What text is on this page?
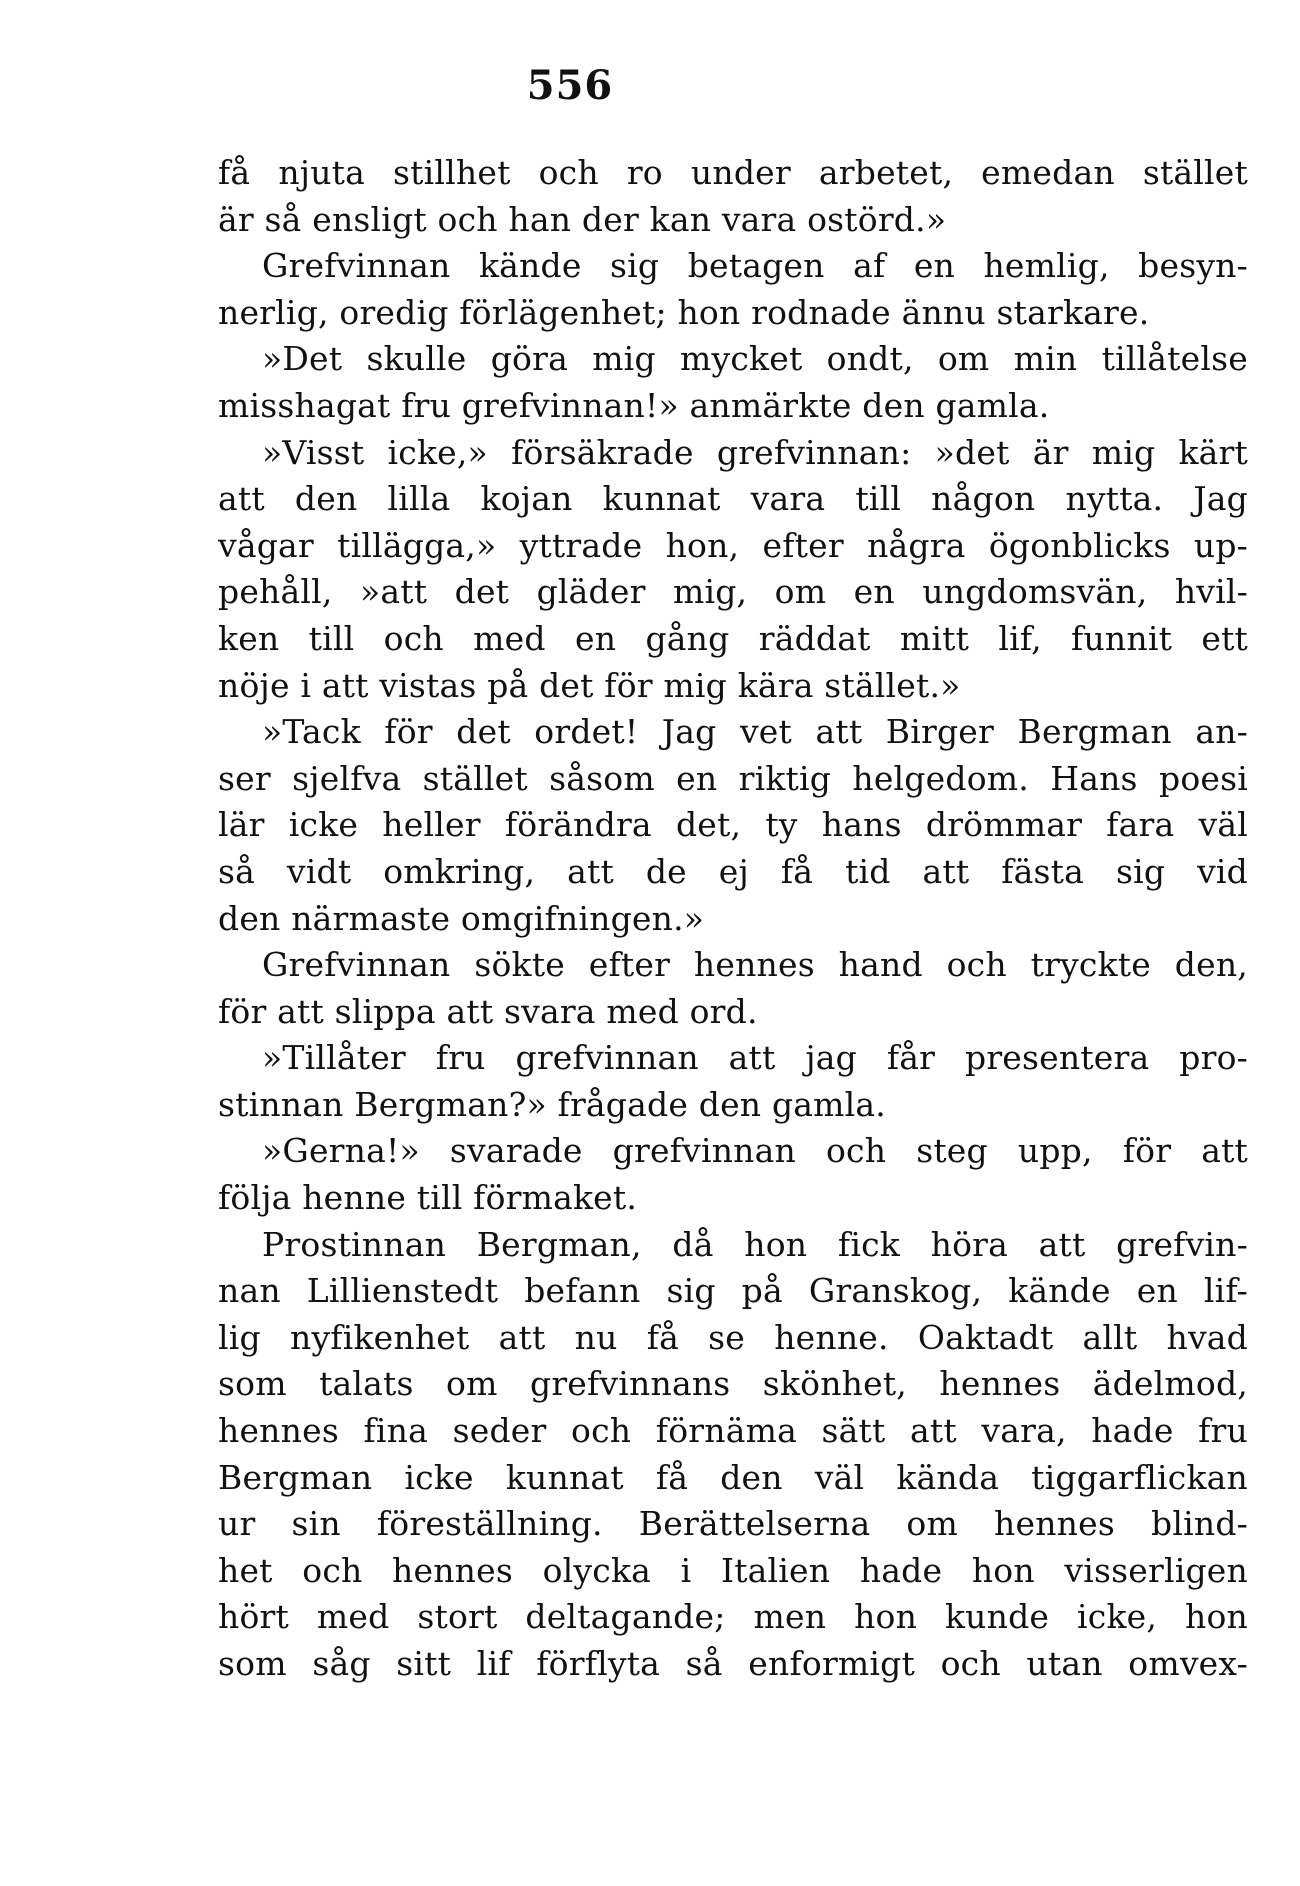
556
få njuta stillhet och ro under arbetet, emedan stället
är så ensligt och han der kan vara ostörd.»
Grefvinnan kände sig betagen af en hemlig, besyn-
nerlig, oredig förlägenhet; hon rodnade ännu starkare.
»Det skulle göra mig mycket ondt, om min tillåtelse
misshagat fru grefvinnan!» anmärkte den gamla.
»Visst icke,» försäkrade grefvinnan: »det är mig kärt
att den lilla kojan kunnat vara till någon nytta. Jag
vågar tillägga,» yttrade hon, efter några ögonblicks up-
pehåll, »att det gläder mig, om en ungdomsvän, hvil-
ken till och med en gång räddat mitt lif, funnit ett
nöje i att vistas på det för mig kära stället.»
»Tack för det ordet! Jag vet att Birger Bergman an-
ser sjelfva stället såsom en riktig helgedom. Hans poesi
lär icke heller förändra det, ty hans drömmar fara väl
så vidt omkring, att de ej få tid att fästa sig vid
den närmaste omgifningen.»
Grefvinnan sökte efter hennes hand och tryckte den,
för att slippa att svara med ord.
»Tillåter fru grefvinnan att jag får presentera pro-
stinnan Bergman?» frågade den gamla.
»Gerna!» svarade grefvinnan och steg upp, för att
följa henne till förmaket.
Prostinnan Bergman, då hon fick höra att grefvin-
nan Lillienstedt befann sig på Granskog, kände en lif-
lig nyfikenhet att nu få se henne. Oaktadt allt hvad
som talats om grefvinnans skönhet, hennes ädelmod,
hennes fina seder och förnäma sätt att vara, hade fru
Bergman icke kunnat få den väl kända tiggarflickan
ur sin föreställning. Berättelserna om hennes blind-
het och hennes olycka i Italien hade hon visserligen
hört med stort deltagande; men hon kunde icke, hon
som såg sitt lif förflyta så enformigt och utan omvex-
